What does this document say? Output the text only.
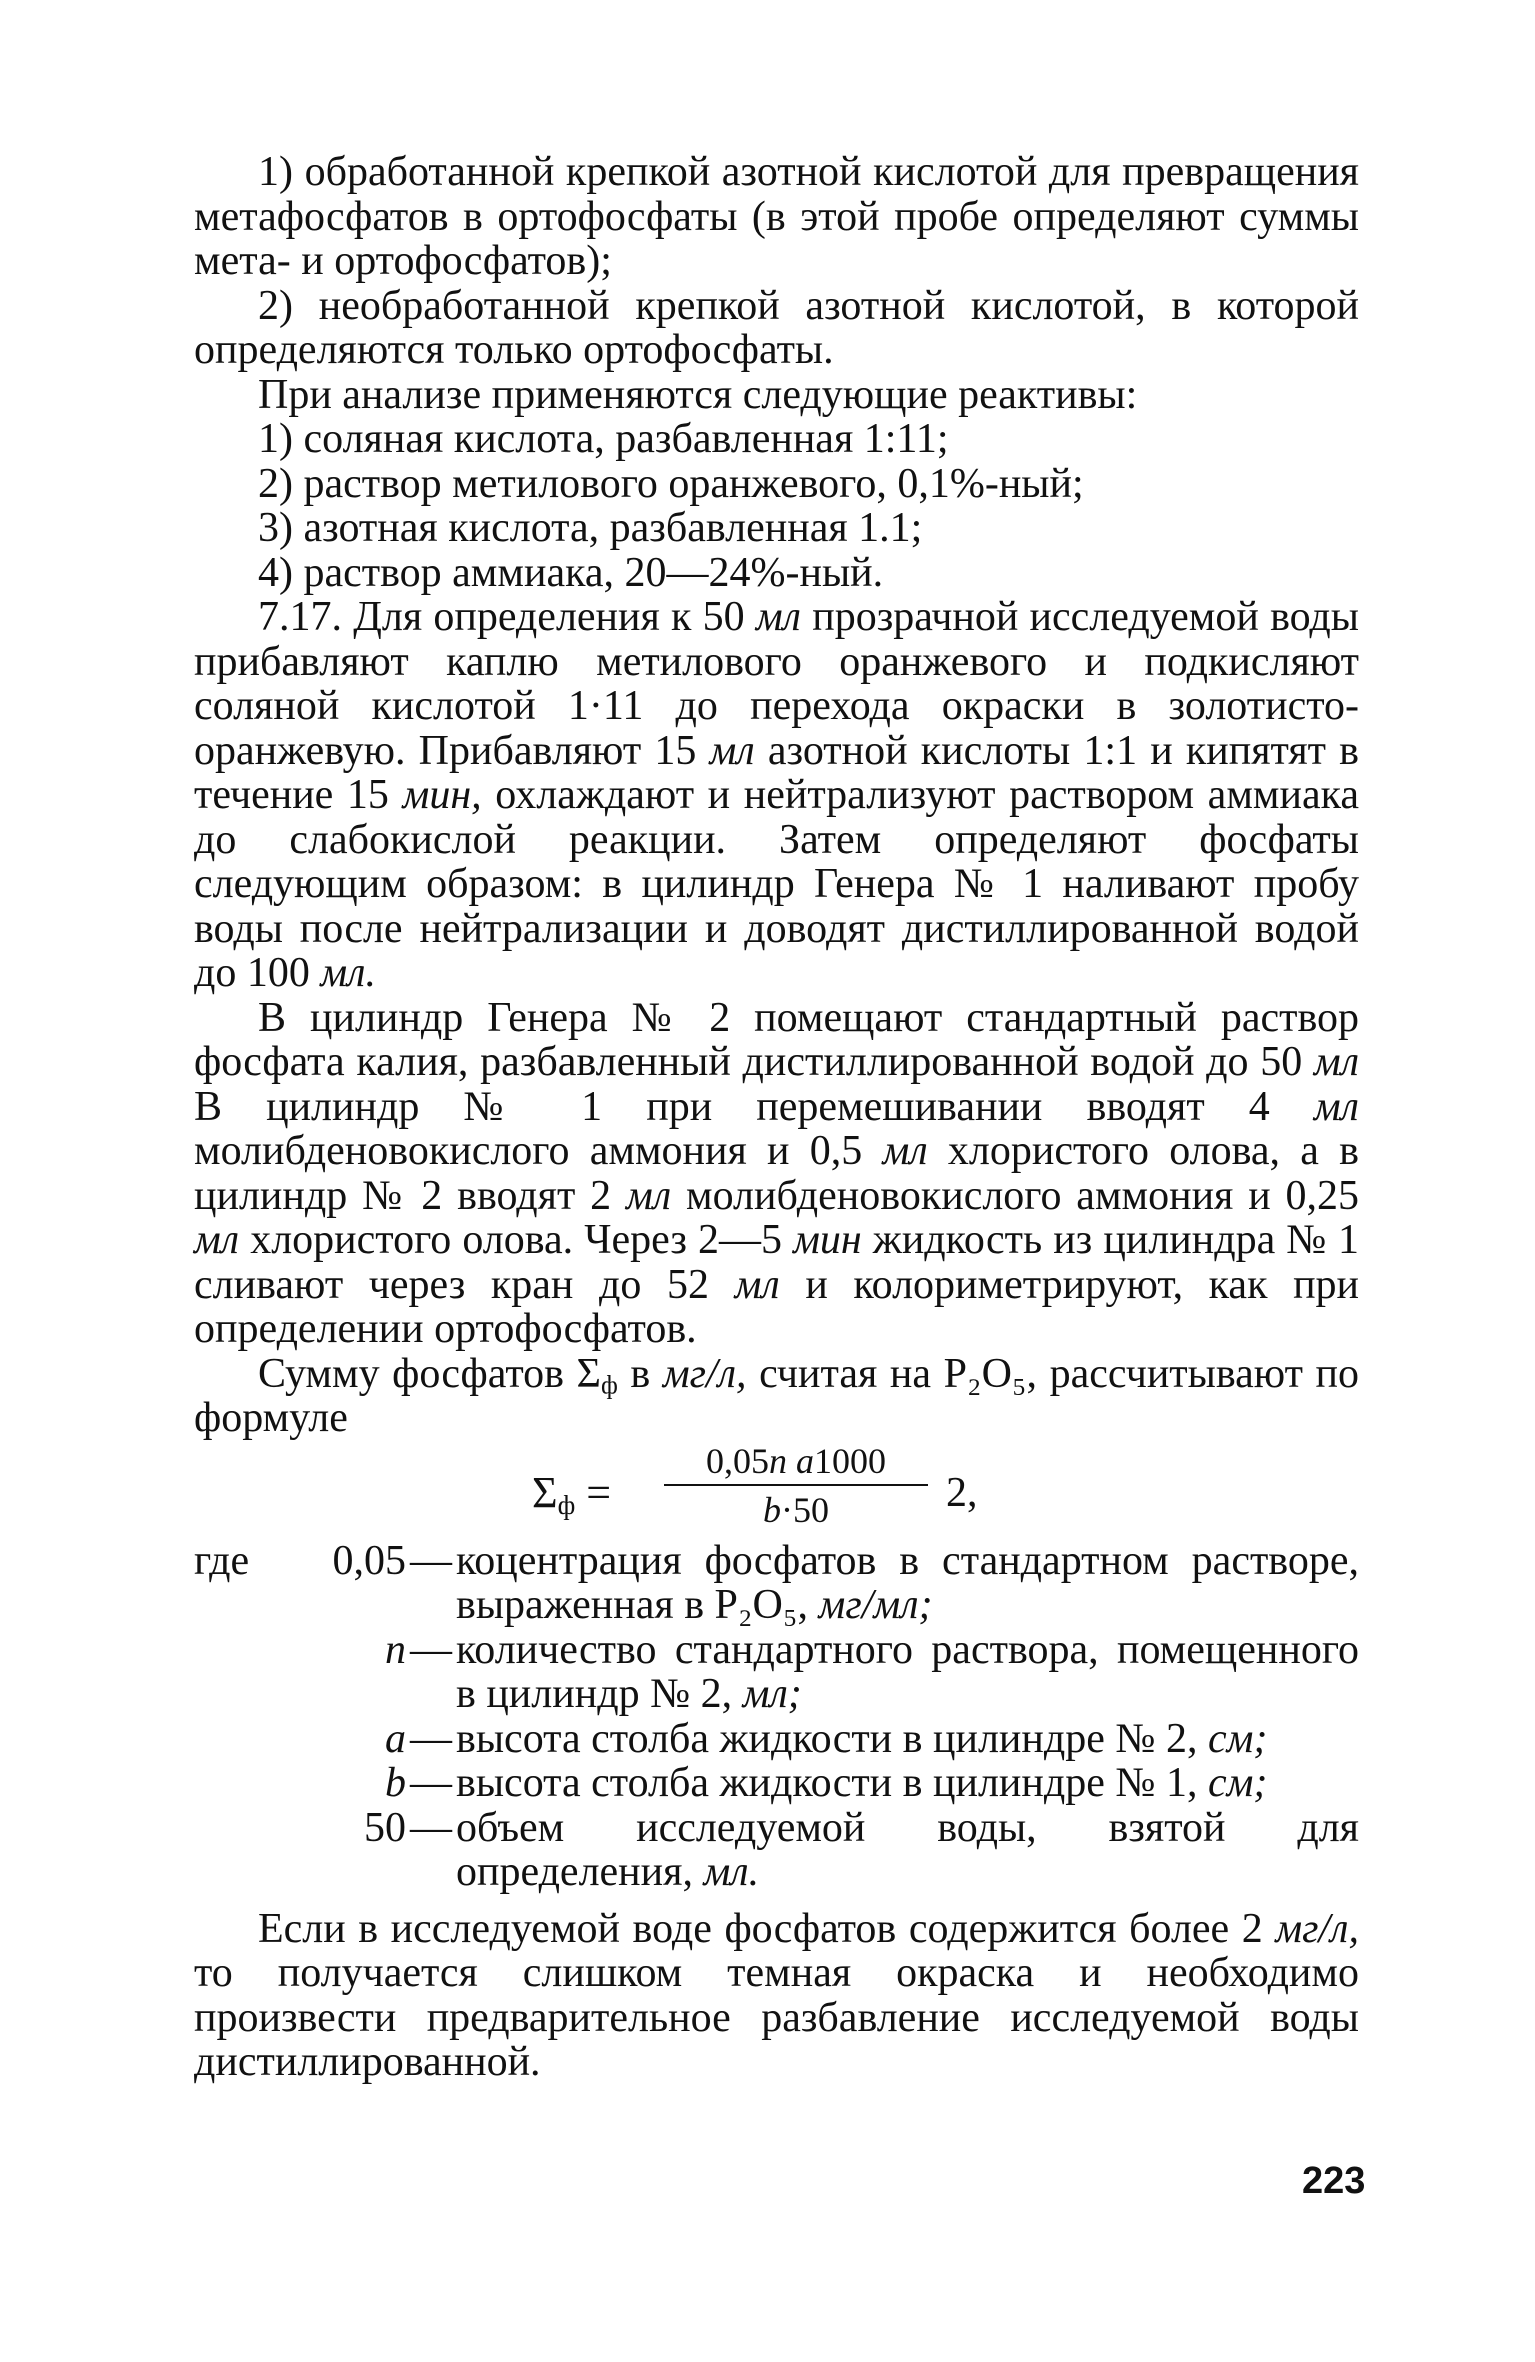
1) обработанной крепкой азотной кислотой для превращения метафосфатов в ортофосфаты (в этой пробе определяют суммы мета- и ортофосфатов);

2) необработанной крепкой азотной кислотой, в которой определяются только ортофосфаты.

При анализе применяются следующие реактивы:

1) соляная кислота, разбавленная 1:11;

2) раствор метилового оранжевого, 0,1%-ный;

3) азотная кислота, разбавленная 1.1;

4) раствор аммиака, 20—24%-ный.

7.17. Для определения к 50 мл прозрачной исследуемой воды прибавляют каплю метилового оранжевого и подкисляют соляной кислотой 1·11 до перехода окраски в золотисто-оранжевую. Прибавляют 15 мл азотной кислоты 1:1 и кипятят в течение 15 мин, охлаждают и нейтрализуют раствором аммиака до слабокислой реакции. Затем определяют фосфаты следующим образом: в цилиндр Генера № 1 наливают пробу воды после нейтрализации и доводят дистиллированной водой до 100 мл.

В цилиндр Генера № 2 помещают стандартный раствор фосфата калия, разбавленный дистиллированной водой до 50 мл В цилиндр № 1 при перемешивании вводят 4 мл молибденовокислого аммония и 0,5 мл хлористого олова, а в цилиндр № 2 вводят 2 мл молибденовокислого аммония и 0,25 мл хлористого олова. Через 2—5 мин жидкость из цилиндра № 1 сливают через кран до 52 мл и колориметрируют, как при определении ортофосфатов.

Сумму фосфатов $\Sigma_ф$ в мг/л, считая на P₂O₅, рассчитывают по формуле

$\Sigma_ф$ =
0,05n a1000
b·50	2,
где 0,05 — коцентрация фосфатов в стандартном растворе, выраженная в P₂O₅, мг/мл;
n — количество стандартного раствора, помещенного в цилиндр № 2, мл;
a — высота столба жидкости в цилиндре № 2, см;
b — высота столба жидкости в цилиндре № 1, см;
50 — объем исследуемой воды, взятой для определения, мл.

Если в исследуемой воде фосфатов содержится более 2 мг/л, то получается слишком темная окраска и необходимо произвести предварительное разбавление исследуемой воды дистиллированной.

223
